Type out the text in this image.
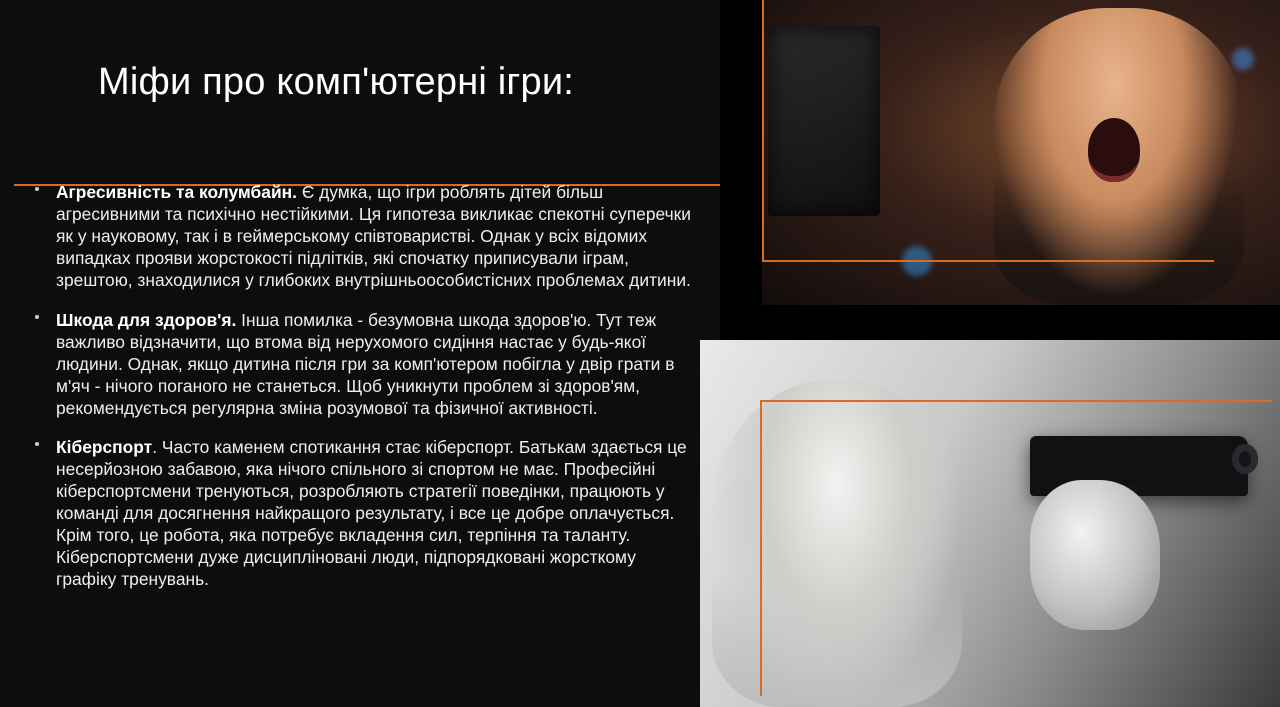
Міфи про комп'ютерні ігри:

Агресивність та колумбайн. Є думка, що ігри роблять дітей більш агресивними та психічно нестійкими. Ця гипотеза викликає спекотні суперечки як у науковому, так і в геймерському співтоваристві. Однак у всіх відомих випадках прояви жорстокості підлітків, які спочатку приписували іграм, зрештою, знаходилися у глибоких внутрішньоособистісних проблемах дитини.

Шкода для здоров'я. Інша помилка - безумовна шкода здоров'ю. Тут теж важливо відзначити, що втома від нерухомого сидіння настає у будь-якої людини. Однак, якщо дитина після гри за комп'ютером побігла у двір грати в м'яч - нічого поганого не станеться. Щоб уникнути проблем зі здоров'ям, рекомендується регулярна зміна розумової та фізичної активності.

Кіберспорт. Часто каменем спотикання стає кіберспорт. Батькам здається це несерйозною забавою, яка нічого спільного зі спортом не має. Професійні кіберспортсмени тренуються, розробляють стратегії поведінки, працюють у команді для досягнення найкращого результату, і все це добре оплачується. Крім того, це робота, яка потребує вкладення сил, терпіння та таланту. Кіберспортсмени дуже дисципліновані люди, підпорядковані жорсткому графіку тренувань.
